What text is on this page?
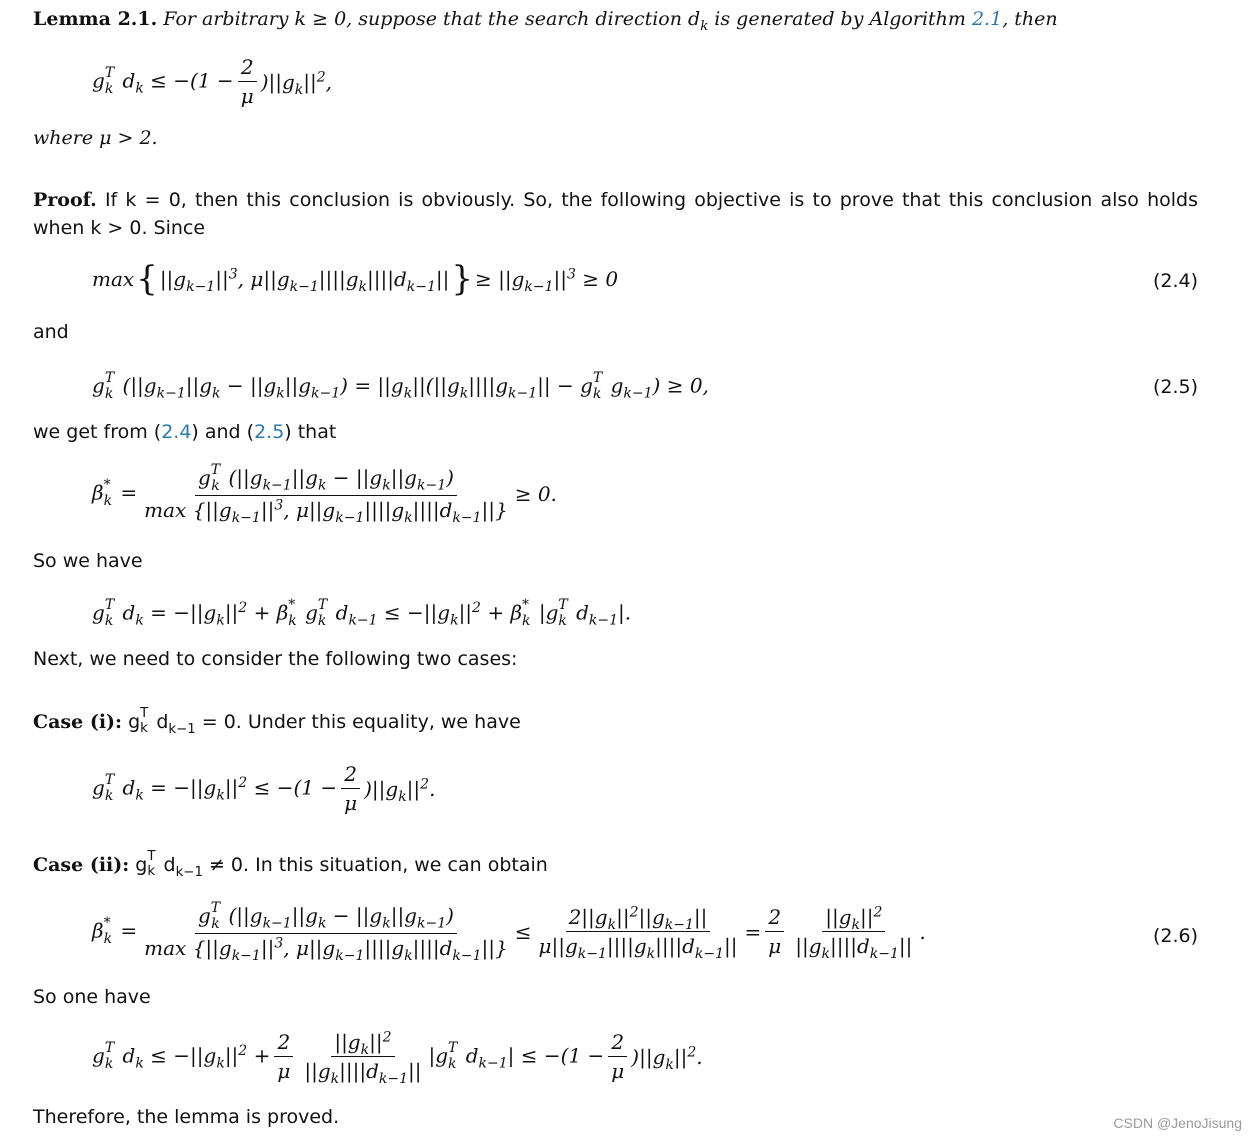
Lemma 2.1. For arbitrary k ≥ 0, suppose that the search direction $d_k$ is generated by Algorithm 2.1, then
g T
k $d_k \le -(1 - \frac{2}{\mu} )||g_k||^2$,
where μ > 2.
Proof. If k = 0, then this conclusion is obviously. So, the following objective is to prove that this conclusion also holds when k > 0. Since
max { $||g_{k-1}||^3$, $\mu||g_{k-1}||||g_k||||d_{k-1}||$ } ≥ $||g_{k-1}||^3 \ge 0$	(2.4)
and
g T
k $(||g_{k-1}||g_k - ||g_k||g_{k-1}) = ||g_k||(||g_k||||g_{k-1}|| - g$ T
k $g_{k-1}) \ge 0$,	(2.5)
we get from (2.4) and (2.5) that
β *
k = g T
k $(||g_{k-1}||g_k - ||g_k||g_{k-1})$
$\max \{||g_{k-1}||^3$, $\mu||g_{k-1}||||g_k||||d_{k-1}||\} \ge 0$.
So we have
g T
k $d_k = -||g_k||^2 + \beta$ *
k g T
k $d_{k-1} \le -||g_k||^2 + \beta$ *
k |g T
k $d_{k-1}|$.
Next, we need to consider the following two cases:
Case (i): g T
k $d_{k-1} = 0$. Under this equality, we have
g T
k $d_k = -||g_k||^2 \le -(1 - \frac{2}{\mu} )||g_k||^2$.
Case (ii): g T
k $d_{k-1} \ne 0$. In this situation, we can obtain
β *
k = g T
k $(||g_{k-1}||g_k - ||g_k||g_{k-1})$
$\max \{||g_{k-1}||^3$, $\mu||g_{k-1}||||g_k||||d_{k-1}||\} \le \frac{2||g_k||^2||g_{k-1}||}{\mu||g_{k-1}||||g_k||||d_{k-1}||} = \frac{2}{\mu} \frac{||g_k||^2}{||g_k||||d_{k-1}||}$ .	(2.6)
So one have
g T
k $d_k \le -||g_k||^2 + \frac{2}{\mu} \frac{||g_k||^2}{||g_k||||d_{k-1}||} |g$ T
k $d_{k-1}| \le -(1 - \frac{2}{\mu} )||g_k||^2$.
Therefore, the lemma is proved.	CSDN @JenoJisung
